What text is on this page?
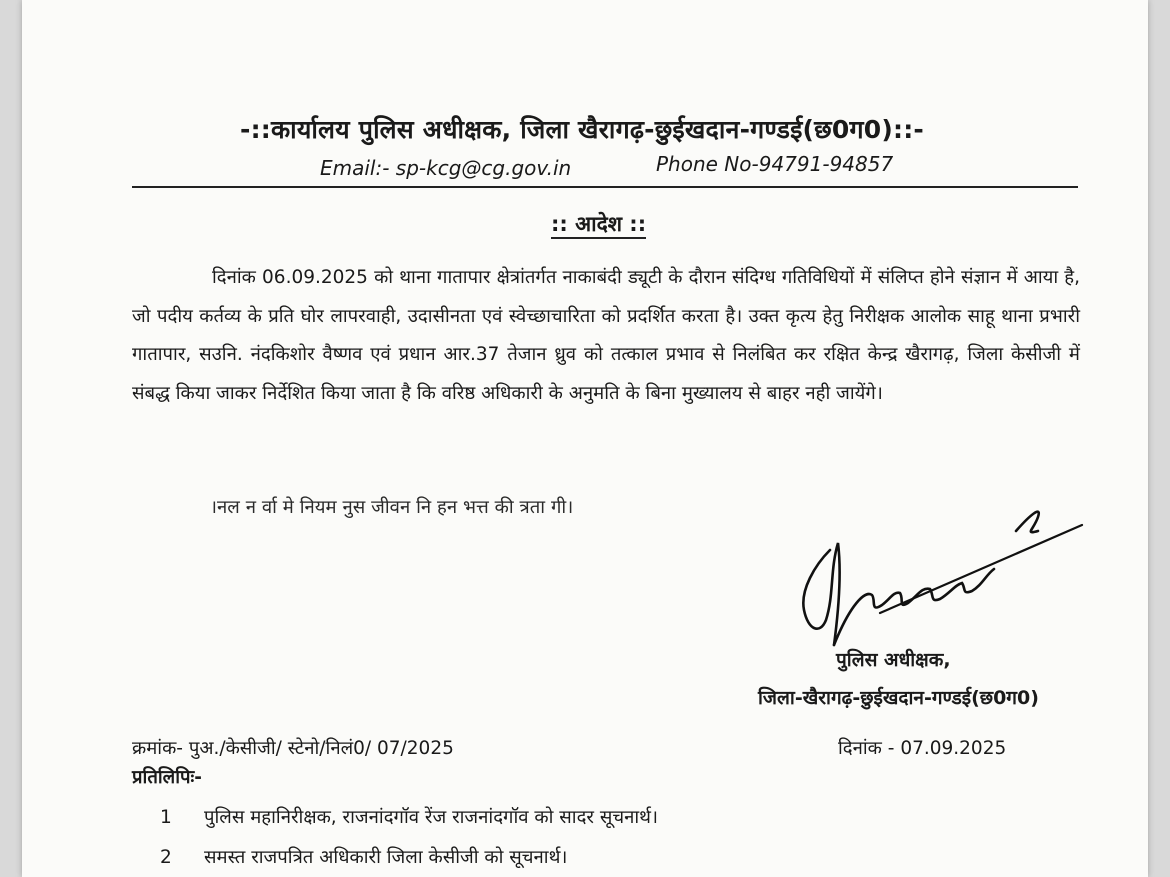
-::कार्यालय पुलिस अधीक्षक, जिला खैरागढ़-छुईखदान-गण्डई(छ0ग0)::-
Email:- sp-kcg@cg.gov.in	Phone No-94791-94857
:: आदेश ::
दिनांक 06.09.2025 को थाना गातापार क्षेत्रांतर्गत नाकाबंदी ड्यूटी के दौरान संदिग्ध गतिविधियों में संलिप्त होने संज्ञान में आया है, जो पदीय कर्तव्य के प्रति घोर लापरवाही, उदासीनता एवं स्वेच्छाचारिता को प्रदर्शित करता है। उक्त कृत्य हेतु निरीक्षक आलोक साहू थाना प्रभारी गातापार, सउनि. नंदकिशोर वैष्णव एवं प्रधान आर.37 तेजान ध्रुव को तत्काल प्रभाव से निलंबित कर रक्षित केन्द्र खैरागढ़, जिला केसीजी में संबद्ध किया जाकर निर्देशित किया जाता है कि वरिष्ठ अधिकारी के अनुमति के बिना मुख्यालय से बाहर नही जायेंगे।
।नल न र्वा मे नियम नुस जीवन नि हन भत्त की त्रता गी।
पुलिस अधीक्षक,
जिला-खैरागढ़-छुईखदान-गण्डई(छ0ग0)
क्रमांक- पुअ./केसीजी/ स्टेनो/निलं0/ 07/2025	दिनांक - 07.09.2025
प्रतिलिपिः-
1 पुलिस महानिरीक्षक, राजनांदगॉव रेंज राजनांदगॉव को सादर सूचनार्थ।
2 समस्त राजपत्रित अधिकारी जिला केसीजी को सूचनार्थ।
